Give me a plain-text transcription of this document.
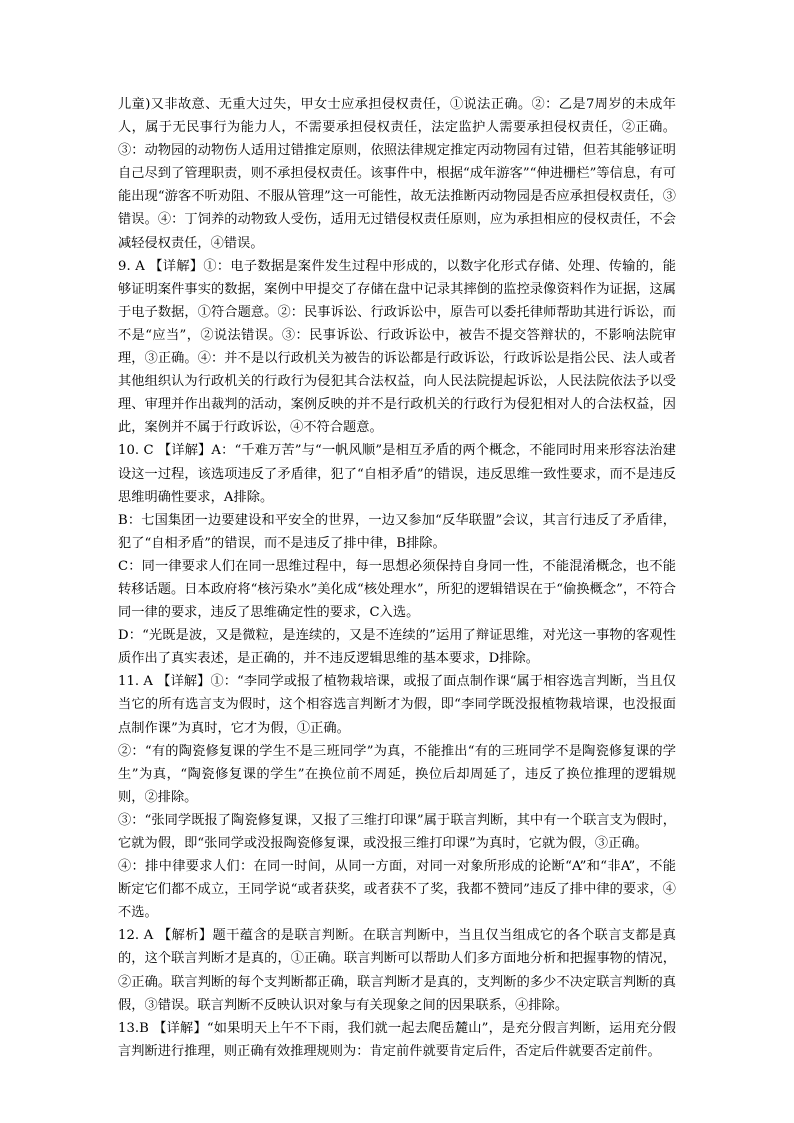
儿童)又非故意、无重大过失，甲女士应承担侵权责任，①说法正确。②：乙是7周岁的未成年人，属于无民事行为能力人，不需要承担侵权责任，法定监护人需要承担侵权责任，②正确。③：动物园的动物伤人适用过错推定原则，依照法律规定推定丙动物园有过错，但若其能够证明自己尽到了管理职责，则不承担侵权责任。该事件中，根据“成年游客”“伸进栅栏”等信息，有可能出现“游客不听劝阻、不服从管理”这一可能性，故无法推断丙动物园是否应承担侵权责任，③错误。④：丁饲养的动物致人受伤，适用无过错侵权责任原则，应为承担相应的侵权责任，不会减轻侵权责任，④错误。

9. A 【详解】①：电子数据是案件发生过程中形成的，以数字化形式存储、处理、传输的，能够证明案件事实的数据，案例中甲提交了存储在盘中记录其摔倒的监控录像资料作为证据，这属于电子数据，①符合题意。②：民事诉讼、行政诉讼中，原告可以委托律师帮助其进行诉讼，而不是“应当”，②说法错误。③：民事诉讼、行政诉讼中，被告不提交答辩状的，不影响法院审理，③正确。④：并不是以行政机关为被告的诉讼都是行政诉讼，行政诉讼是指公民、法人或者其他组织认为行政机关的行政行为侵犯其合法权益，向人民法院提起诉讼，人民法院依法予以受理、审理并作出裁判的活动，案例反映的并不是行政机关的行政行为侵犯相对人的合法权益，因此，案例并不属于行政诉讼，④不符合题意。

10. C 【详解】A：“千难万苦”与“一帆风顺”是相互矛盾的两个概念，不能同时用来形容法治建设这一过程，该选项违反了矛盾律，犯了“自相矛盾”的错误，违反思维一致性要求，而不是违反思维明确性要求，A排除。

B：七国集团一边要建设和平安全的世界，一边又参加“反华联盟”会议，其言行违反了矛盾律，犯了“自相矛盾”的错误，而不是违反了排中律，B排除。

C：同一律要求人们在同一思维过程中，每一思想必须保持自身同一性，不能混淆概念，也不能转移话题。日本政府将“核污染水”美化成“核处理水”，所犯的逻辑错误在于“偷换概念”，不符合同一律的要求，违反了思维确定性的要求，C入选。

D：“光既是波，又是微粒，是连续的，又是不连续的”运用了辩证思维，对光这一事物的客观性质作出了真实表述，是正确的，并不违反逻辑思维的基本要求，D排除。

11. A 【详解】①：“李同学或报了植物栽培课，或报了面点制作课“属于相容选言判断，当且仅当它的所有选言支为假时，这个相容选言判断才为假，即“李同学既没报植物栽培课，也没报面点制作课”为真时，它才为假，①正确。

②：“有的陶瓷修复课的学生不是三班同学”为真，不能推出“有的三班同学不是陶瓷修复课的学生”为真，“陶瓷修复课的学生”在换位前不周延，换位后却周延了，违反了换位推理的逻辑规则，②排除。

③：“张同学既报了陶瓷修复课，又报了三维打印课”属于联言判断，其中有一个联言支为假时，它就为假，即“张同学或没报陶瓷修复课，或没报三维打印课”为真时，它就为假，③正确。

④：排中律要求人们：在同一时间，从同一方面，对同一对象所形成的论断“A”和“非A”，不能断定它们都不成立，王同学说“或者获奖，或者获不了奖，我都不赞同”违反了排中律的要求，④不选。

12. A 【解析】题干蕴含的是联言判断。在联言判断中，当且仅当组成它的各个联言支都是真的，这个联言判断才是真的，①正确。联言判断可以帮助人们多方面地分析和把握事物的情况，②正确。联言判断的每个支判断都正确，联言判断才是真的，支判断的多少不决定联言判断的真假，③错误。联言判断不反映认识对象与有关现象之间的因果联系，④排除。

13.B 【详解】“如果明天上午不下雨，我们就一起去爬岳麓山”，是充分假言判断，运用充分假言判断进行推理，则正确有效推理规则为：肯定前件就要肯定后件，否定后件就要否定前件。
